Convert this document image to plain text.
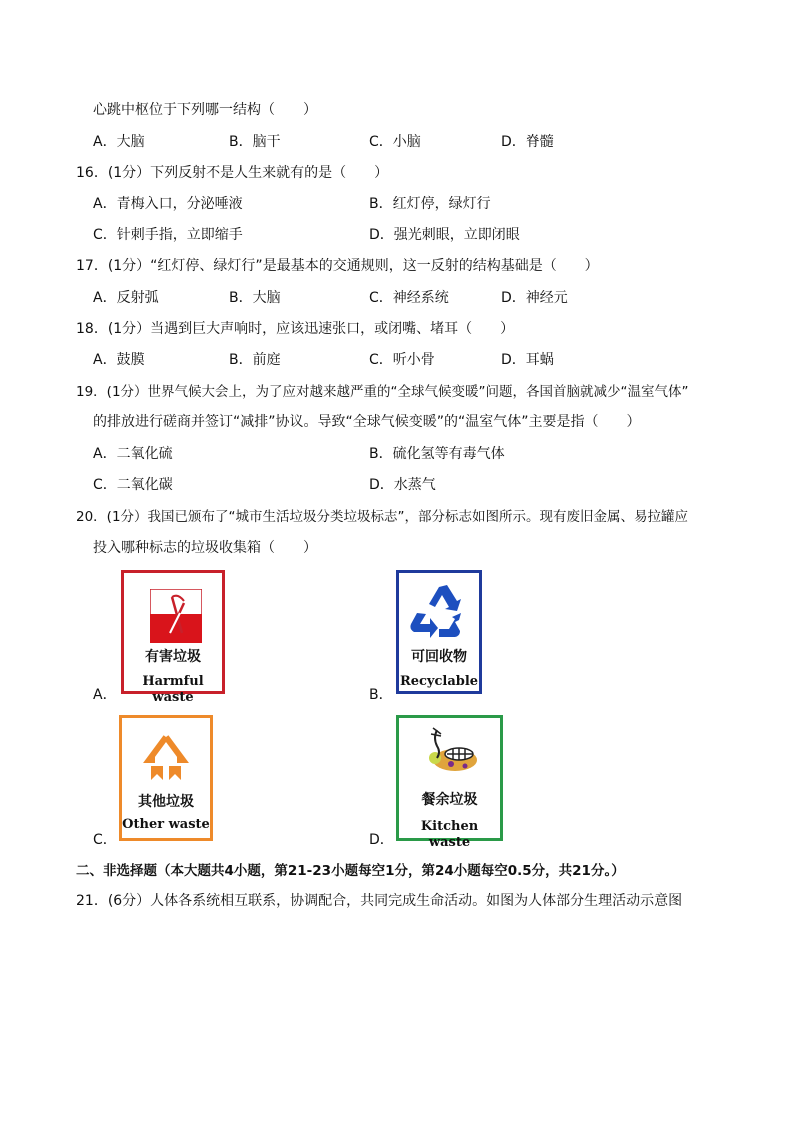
心跳中枢位于下列哪一结构（　　）
A．大脑	B．脑干	C．小脑	D．脊髓
16．(1分）下列反射不是人生来就有的是（　　）
A．青梅入口，分泌唾液	B．红灯停，绿灯行
C．针刺手指，立即缩手	D．强光刺眼，立即闭眼
17．(1分）“红灯停、绿灯行”是最基本的交通规则，这一反射的结构基础是（　　）
A．反射弧	B．大脑	C．神经系统	D．神经元
18．(1分）当遇到巨大声响时，应该迅速张口，或闭嘴、堵耳（　　）
A．鼓膜	B．前庭	C．听小骨	D．耳蜗
19．(1分）世界气候大会上，为了应对越来越严重的“全球气候变暖”问题，各国首脑就减少“温室气体”
的排放进行磋商并签订“减排”协议。导致“全球气候变暖”的“温室气体”主要是指（　　）
A．二氧化硫	B．硫化氢等有毒气体
C．二氧化碳	D．水蒸气
20．(1分）我国已颁布了“城市生活垃圾分类垃圾标志”，部分标志如图所示。现有废旧金属、易拉罐应
投入哪种标志的垃圾收集箱（　　）
A．
有害垃圾
Harmful waste	B．
可回收物
Recyclable
C．
其他垃圾
Other waste
D．
餐余垃圾
Kitchen waste
二、非选择题（本大题共4小题，第21-23小题每空1分，第24小题每空0.5分，共21分。）
21．(6分）人体各系统相互联系，协调配合，共同完成生命活动。如图为人体部分生理活动示意图
